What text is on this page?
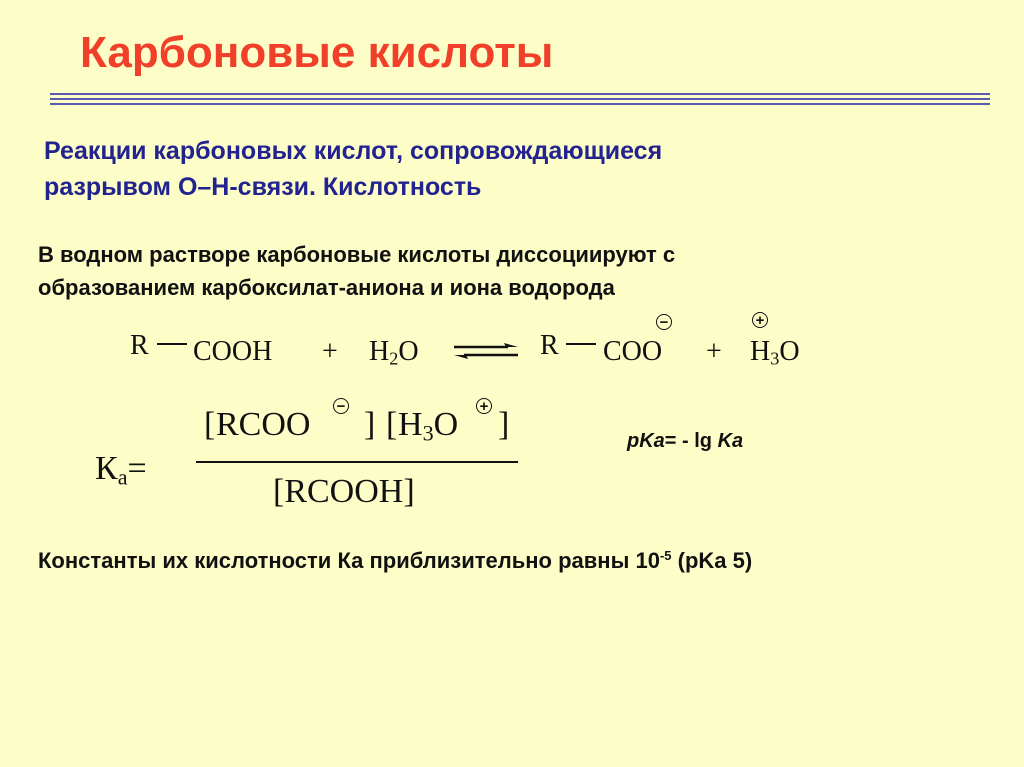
Карбоновые кислоты
Реакции карбоновых кислот, сопровождающиеся
разрывом О–Н-связи. Кислотность
В водном растворе карбоновые кислоты диссоциируют с
образованием карбоксилат-аниона и иона водорода
R COOH + $H_2O$	R COO
−
+ $H_3O$
+
$К_a=$
[ RCOO − ] [ $H_3O$ + ]
[RCOOH]
pKa= - lg Ka
Константы их кислотности Ка приблизительно равны $10^{-5}$ (pKa 5)
